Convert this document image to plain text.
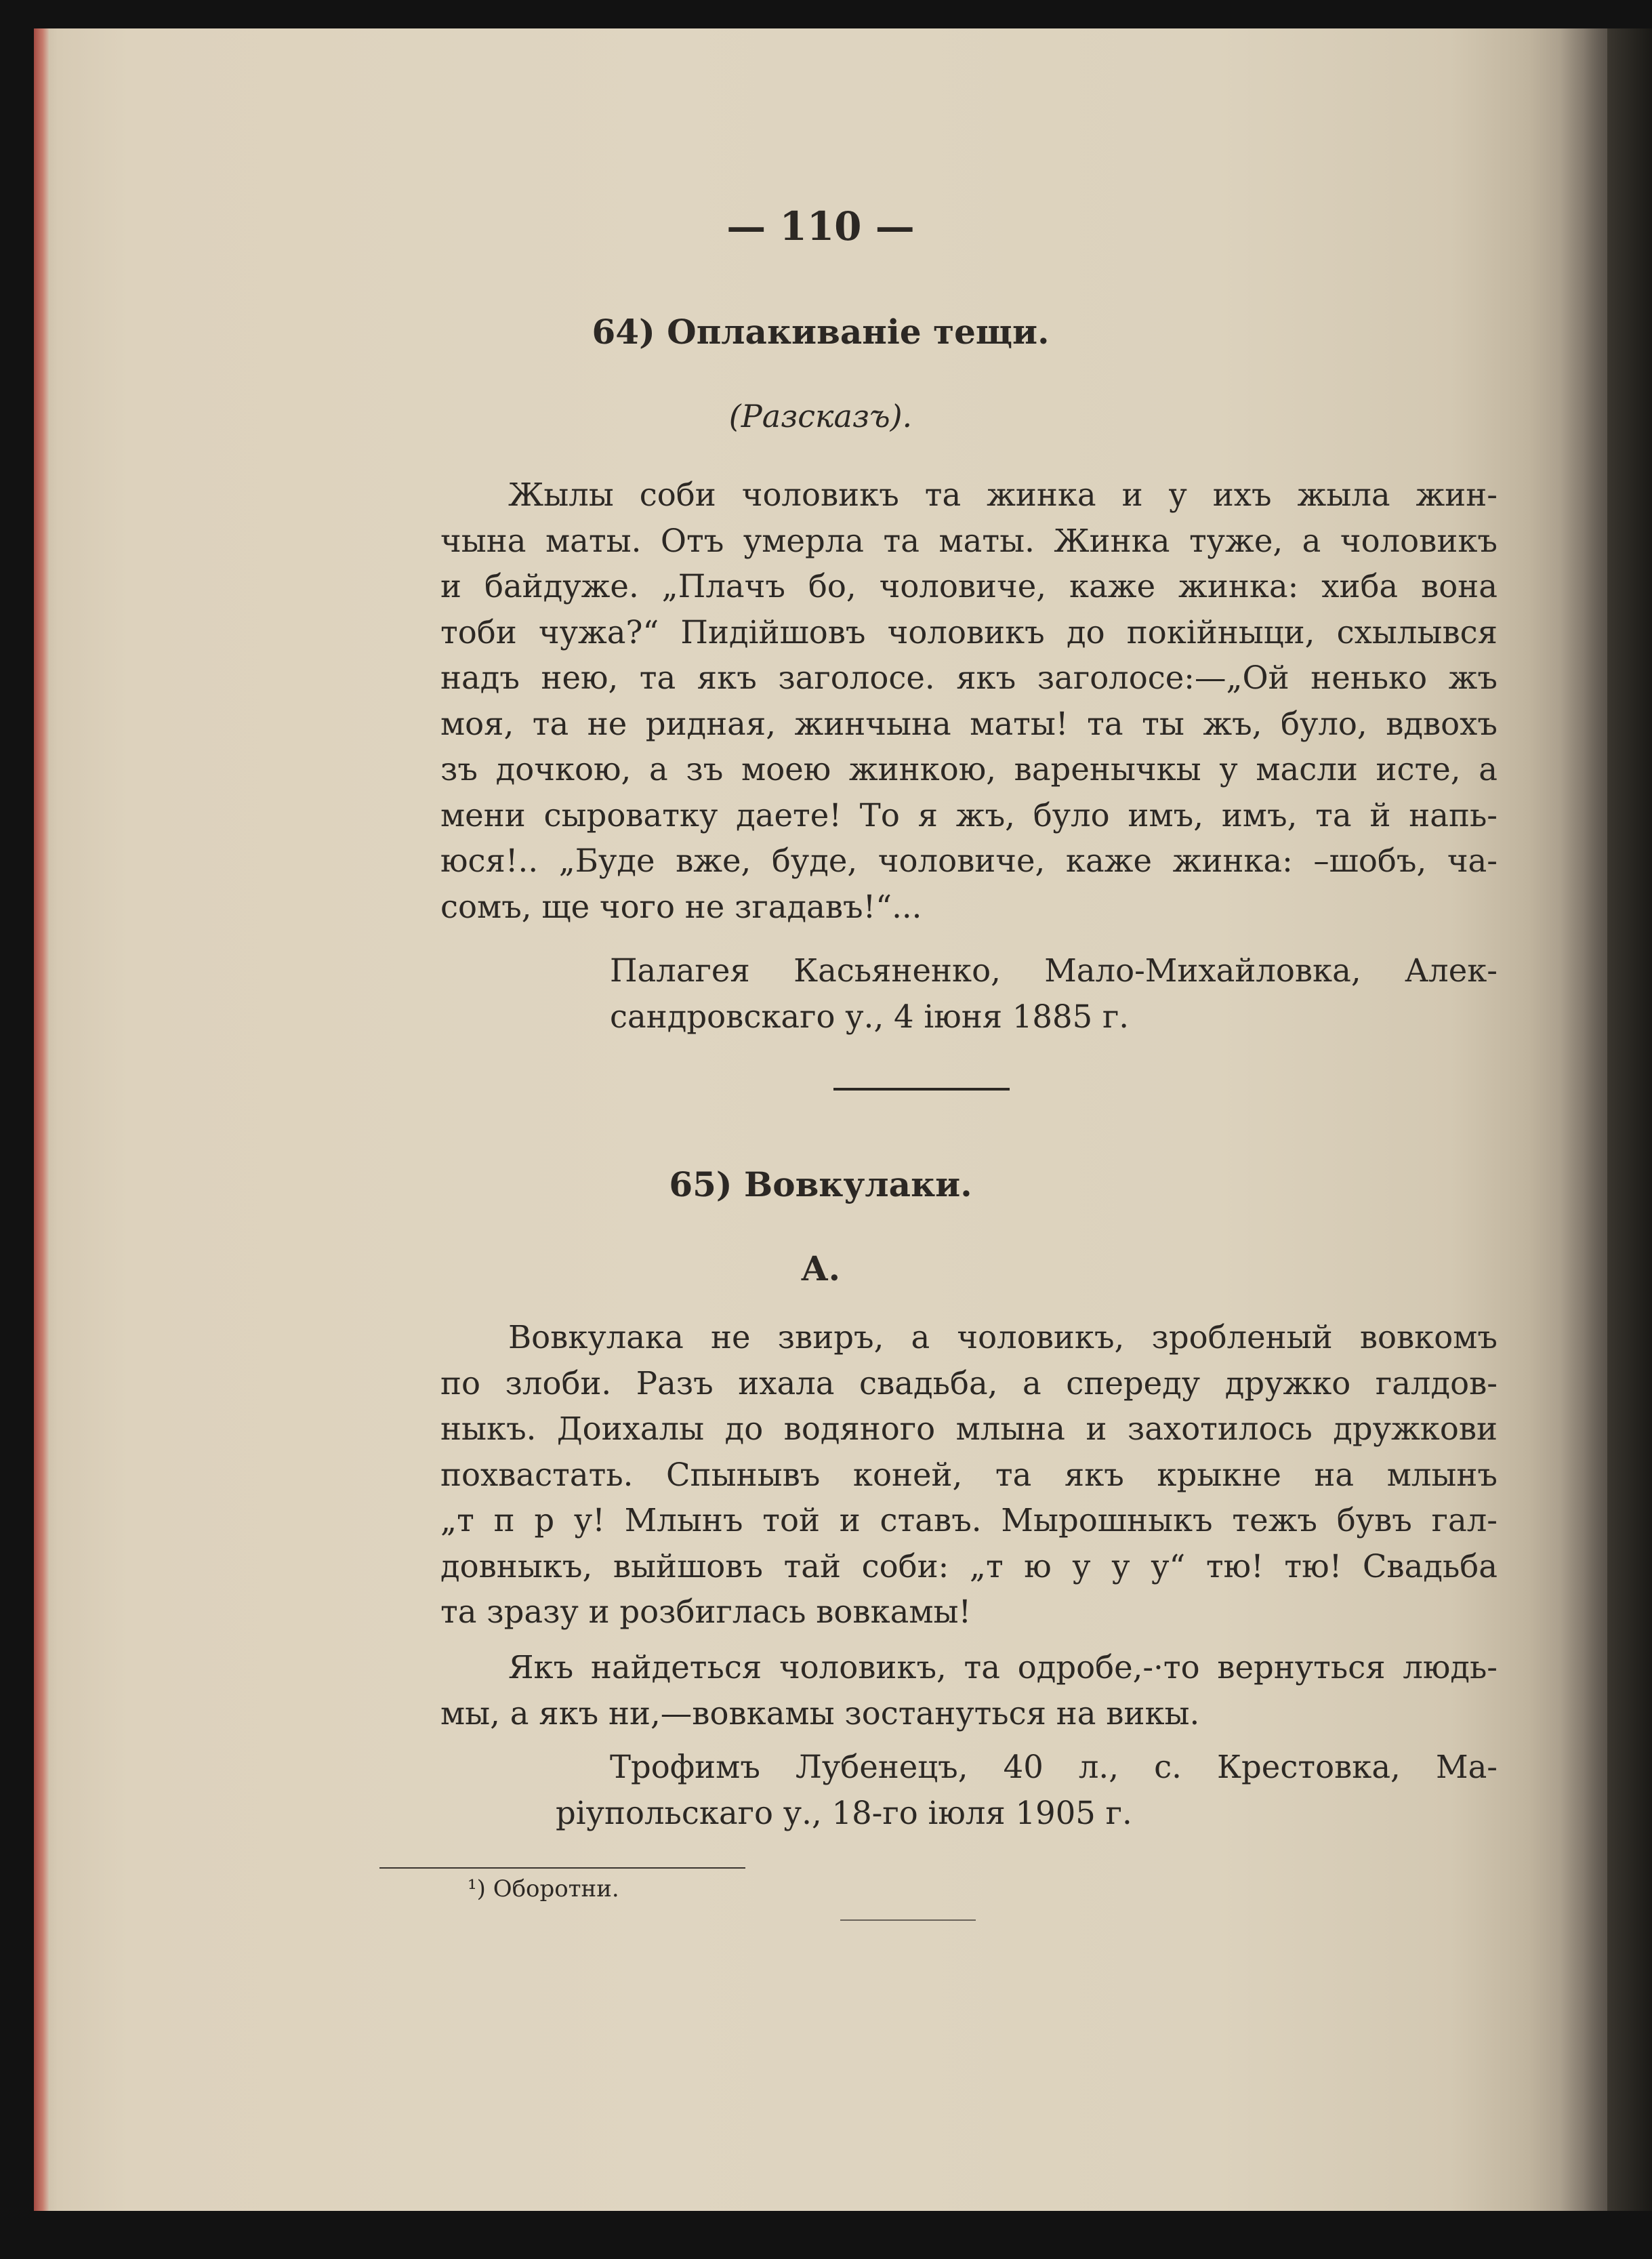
— 110 —
64) Оплакиваніе тещи.
(Разсказъ).
Жылы соби чоловикъ та жинка и у ихъ жыла жин-
чына маты. Отъ умерла та маты. Жинка туже, а чоловикъ
и байдуже. „Плачъ бо, чоловиче, каже жинка: хиба вона
тоби чужа?“ Пидійшовъ чоловикъ до покійныци, схылывся
надъ нею, та якъ заголосе. якъ заголосе:—„Ой ненько жъ
моя, та не ридная, жинчына маты! та ты жъ, було, вдвохъ
зъ дочкою, а зъ моею жинкою, варенычкы у масли исте, а
мени сыроватку даете! То я жъ, було имъ, имъ, та й напь-
юся!.. „Буде вже, буде, чоловиче, каже жинка: –шобъ, ча-
сомъ, ще чого не згадавъ!“...
Палагея Касьяненко, Мало-Михайловка, Алек-
сандровскаго у., 4 іюня 1885 г.
65) Вовкулаки.
А.
Вовкулака не звиръ, а чоловикъ, зробленый вовкомъ
по злоби. Разъ ихала свадьба, а спереду дружко галдов-
ныкъ. Доихалы до водяного млына и захотилось дружкови
похвастать. Спынывъ коней, та якъ крыкне на млынъ
„т п р у! Млынъ той и ставъ. Мырошныкъ тежъ бувъ гал-
довныкъ, выйшовъ тай соби: „т ю у у у“ тю! тю! Свадьба
та зразу и розбиглась вовкамы!
Якъ найдеться чоловикъ, та одробе,-·то вернуться людь-
мы, а якъ ни,—вовкамы зостануться на викы.
Трофимъ Лубенецъ, 40 л., с. Крестовка, Ма-
ріупольскаго у., 18-го іюля 1905 г.
¹) Оборотни.
